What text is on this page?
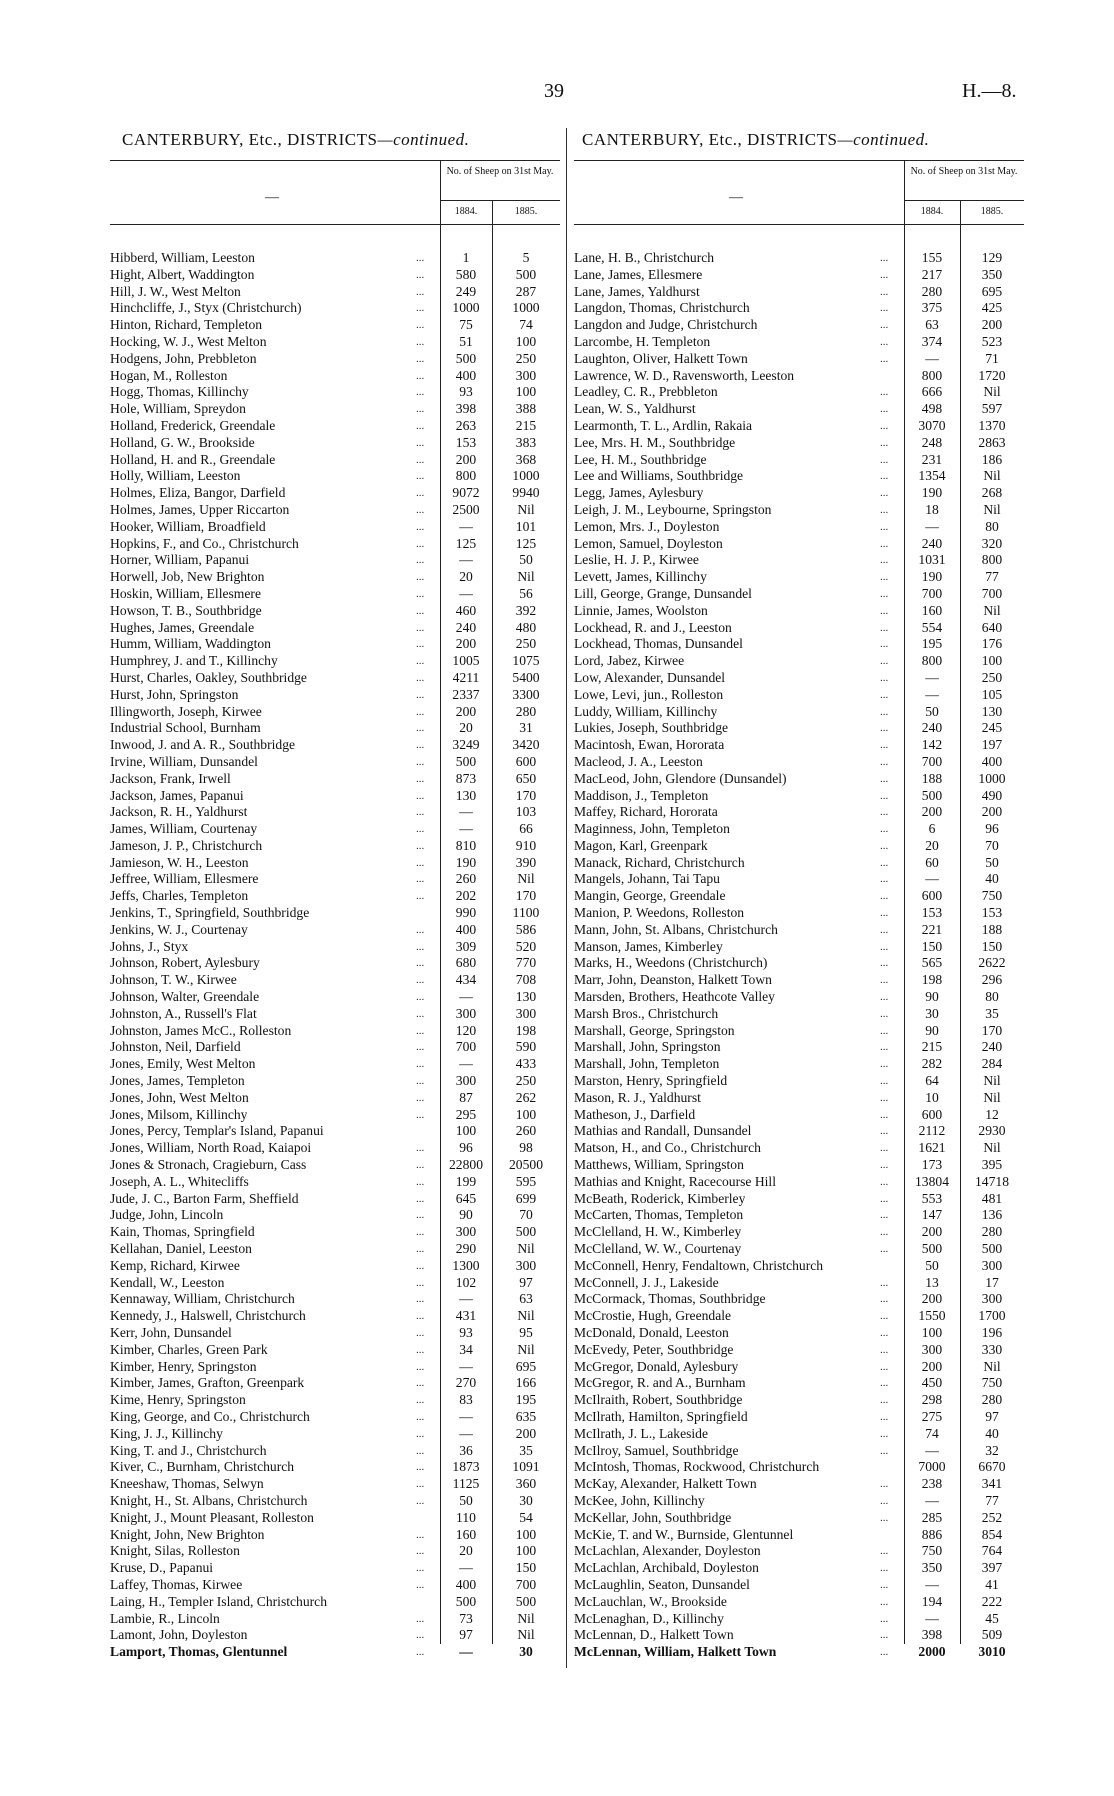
39	H.—8.
CANTERBURY, Etc., DISTRICTS—continued.
No. of Sheep on 31st May.
1884.	1885.
—
Hibberd, William, Leeston	...	1	5
Hight, Albert, Waddington	...	580	500
Hill, J. W., West Melton	...	249	287
Hinchcliffe, J., Styx (Christchurch)	...	1000	1000
Hinton, Richard, Templeton	...	75	74
Hocking, W. J., West Melton	...	51	100
Hodgens, John, Prebbleton	...	500	250
Hogan, M., Rolleston	...	400	300
Hogg, Thomas, Killinchy	...	93	100
Hole, William, Spreydon	...	398	388
Holland, Frederick, Greendale	...	263	215
Holland, G. W., Brookside	...	153	383
Holland, H. and R., Greendale	...	200	368
Holly, William, Leeston	...	800	1000
Holmes, Eliza, Bangor, Darfield	...	9072	9940
Holmes, James, Upper Riccarton	...	2500	Nil
Hooker, William, Broadfield	...	—	101
Hopkins, F., and Co., Christchurch	...	125	125
Horner, William, Papanui	...	—	50
Horwell, Job, New Brighton	...	20	Nil
Hoskin, William, Ellesmere	...	—	56
Howson, T. B., Southbridge	...	460	392
Hughes, James, Greendale	...	240	480
Humm, William, Waddington	...	200	250
Humphrey, J. and T., Killinchy	...	1005	1075
Hurst, Charles, Oakley, Southbridge	...	4211	5400
Hurst, John, Springston	...	2337	3300
Illingworth, Joseph, Kirwee	...	200	280
Industrial School, Burnham	...	20	31
Inwood, J. and A. R., Southbridge	...	3249	3420
Irvine, William, Dunsandel	...	500	600
Jackson, Frank, Irwell	...	873	650
Jackson, James, Papanui	...	130	170
Jackson, R. H., Yaldhurst	...	—	103
James, William, Courtenay	...	—	66
Jameson, J. P., Christchurch	...	810	910
Jamieson, W. H., Leeston	...	190	390
Jeffree, William, Ellesmere	...	260	Nil
Jeffs, Charles, Templeton	...	202	170
Jenkins, T., Springfield, Southbridge	990	1100
Jenkins, W. J., Courtenay	...	400	586
Johns, J., Styx	...	309	520
Johnson, Robert, Aylesbury	...	680	770
Johnson, T. W., Kirwee	...	434	708
Johnson, Walter, Greendale	...	—	130
Johnston, A., Russell's Flat	...	300	300
Johnston, James McC., Rolleston	...	120	198
Johnston, Neil, Darfield	...	700	590
Jones, Emily, West Melton	...	—	433
Jones, James, Templeton	...	300	250
Jones, John, West Melton	...	87	262
Jones, Milsom, Killinchy	...	295	100
Jones, Percy, Templar's Island, Papanui	100	260
Jones, William, North Road, Kaiapoi	...	96	98
Jones & Stronach, Cragieburn, Cass	...	22800	20500
Joseph, A. L., Whitecliffs	...	199	595
Jude, J. C., Barton Farm, Sheffield	...	645	699
Judge, John, Lincoln	...	90	70
Kain, Thomas, Springfield	...	300	500
Kellahan, Daniel, Leeston	...	290	Nil
Kemp, Richard, Kirwee	...	1300	300
Kendall, W., Leeston	...	102	97
Kennaway, William, Christchurch	...	—	63
Kennedy, J., Halswell, Christchurch	...	431	Nil
Kerr, John, Dunsandel	...	93	95
Kimber, Charles, Green Park	...	34	Nil
Kimber, Henry, Springston	...	—	695
Kimber, James, Grafton, Greenpark	...	270	166
Kime, Henry, Springston	...	83	195
King, George, and Co., Christchurch	...	—	635
King, J. J., Killinchy	...	—	200
King, T. and J., Christchurch	...	36	35
Kiver, C., Burnham, Christchurch	...	1873	1091
Kneeshaw, Thomas, Selwyn	...	1125	360
Knight, H., St. Albans, Christchurch	...	50	30
Knight, J., Mount Pleasant, Rolleston	110	54
Knight, John, New Brighton	...	160	100
Knight, Silas, Rolleston	...	20	100
Kruse, D., Papanui	...	—	150
Laffey, Thomas, Kirwee	...	400	700
Laing, H., Templer Island, Christchurch	500	500
Lambie, R., Lincoln	...	73	Nil
Lamont, John, Doyleston	...	97	Nil
Lamport, Thomas, Glentunnel	...	—	30
CANTERBURY, Etc., DISTRICTS—continued.
No. of Sheep on 31st May.
1884.	1885.
—
Lane, H. B., Christchurch	...	155	129
Lane, James, Ellesmere	...	217	350
Lane, James, Yaldhurst	...	280	695
Langdon, Thomas, Christchurch	...	375	425
Langdon and Judge, Christchurch	...	63	200
Larcombe, H. Templeton	...	374	523
Laughton, Oliver, Halkett Town	...	—	71
Lawrence, W. D., Ravensworth, Leeston	800	1720
Leadley, C. R., Prebbleton	...	666	Nil
Lean, W. S., Yaldhurst	...	498	597
Learmonth, T. L., Ardlin, Rakaia	...	3070	1370
Lee, Mrs. H. M., Southbridge	...	248	2863
Lee, H. M., Southbridge	...	231	186
Lee and Williams, Southbridge	...	1354	Nil
Legg, James, Aylesbury	...	190	268
Leigh, J. M., Leybourne, Springston	...	18	Nil
Lemon, Mrs. J., Doyleston	...	—	80
Lemon, Samuel, Doyleston	...	240	320
Leslie, H. J. P., Kirwee	...	1031	800
Levett, James, Killinchy	...	190	77
Lill, George, Grange, Dunsandel	...	700	700
Linnie, James, Woolston	...	160	Nil
Lockhead, R. and J., Leeston	...	554	640
Lockhead, Thomas, Dunsandel	...	195	176
Lord, Jabez, Kirwee	...	800	100
Low, Alexander, Dunsandel	...	—	250
Lowe, Levi, jun., Rolleston	...	—	105
Luddy, William, Killinchy	...	50	130
Lukies, Joseph, Southbridge	...	240	245
Macintosh, Ewan, Hororata	...	142	197
Macleod, J. A., Leeston	...	700	400
MacLeod, John, Glendore (Dunsandel)	...	188	1000
Maddison, J., Templeton	...	500	490
Maffey, Richard, Hororata	...	200	200
Maginness, John, Templeton	...	6	96
Magon, Karl, Greenpark	...	20	70
Manack, Richard, Christchurch	...	60	50
Mangels, Johann, Tai Tapu	...	—	40
Mangin, George, Greendale	...	600	750
Manion, P. Weedons, Rolleston	...	153	153
Mann, John, St. Albans, Christchurch	...	221	188
Manson, James, Kimberley	...	150	150
Marks, H., Weedons (Christchurch)	...	565	2622
Marr, John, Deanston, Halkett Town	...	198	296
Marsden, Brothers, Heathcote Valley	...	90	80
Marsh Bros., Christchurch	...	30	35
Marshall, George, Springston	...	90	170
Marshall, John, Springston	...	215	240
Marshall, John, Templeton	...	282	284
Marston, Henry, Springfield	...	64	Nil
Mason, R. J., Yaldhurst	...	10	Nil
Matheson, J., Darfield	...	600	12
Mathias and Randall, Dunsandel	...	2112	2930
Matson, H., and Co., Christchurch	...	1621	Nil
Matthews, William, Springston	...	173	395
Mathias and Knight, Racecourse Hill	...	13804	14718
McBeath, Roderick, Kimberley	...	553	481
McCarten, Thomas, Templeton	...	147	136
McClelland, H. W., Kimberley	...	200	280
McClelland, W. W., Courtenay	...	500	500
McConnell, Henry, Fendaltown, Christchurch	50	300
McConnell, J. J., Lakeside	...	13	17
McCormack, Thomas, Southbridge	...	200	300
McCrostie, Hugh, Greendale	...	1550	1700
McDonald, Donald, Leeston	...	100	196
McEvedy, Peter, Southbridge	...	300	330
McGregor, Donald, Aylesbury	...	200	Nil
McGregor, R. and A., Burnham	...	450	750
McIlraith, Robert, Southbridge	...	298	280
McIlrath, Hamilton, Springfield	...	275	97
McIlrath, J. L., Lakeside	...	74	40
McIlroy, Samuel, Southbridge	...	—	32
McIntosh, Thomas, Rockwood, Christchurch	7000	6670
McKay, Alexander, Halkett Town	...	238	341
McKee, John, Killinchy	...	—	77
McKellar, John, Southbridge	...	285	252
McKie, T. and W., Burnside, Glentunnel	886	854
McLachlan, Alexander, Doyleston	...	750	764
McLachlan, Archibald, Doyleston	...	350	397
McLaughlin, Seaton, Dunsandel	...	—	41
McLauchlan, W., Brookside	...	194	222
McLenaghan, D., Killinchy	...	—	45
McLennan, D., Halkett Town	...	398	509
McLennan, William, Halkett Town	...	2000	3010
